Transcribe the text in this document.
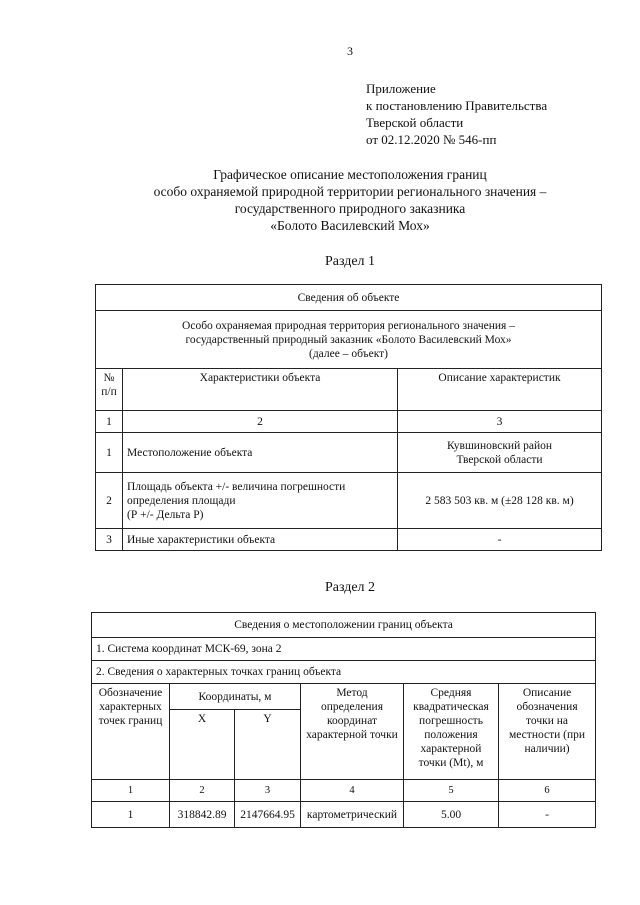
3
Приложение
к постановлению Правительства
Тверской области
от 02.12.2020 № 546-пп
Графическое описание местоположения границ
особо охраняемой природной территории регионального значения –
государственного природного заказника
«Болото Василевский Мох»
Раздел 1
Сведения об объекте		

Особо охраняемая природная территория регионального значения –
государственный природный заказник «Болото Василевский Мох»
(далее – объект)		

№
п/п	Характеристики объекта	Описание характеристик
1	2	3
1	Местоположение объекта	Кувшиновский район
Тверской области

2	Площадь объекта +/- величина погрешности
определения площади
(Р +/- Дельта Р)	2 583 503 кв. м (±28 128 кв. м)
3	Иные характеристики объекта	-
Раздел 2
Сведения о местоположении границ объекта					
1. Система координат МСК-69, зона 2					
2. Сведения о характерных точках границ объекта					
Обозначение характерных точек границ	Координаты, м		Метод определения координат характерной точки	Средняя квадратическая погрешность положения характерной точки (Mt), м	Описание обозначения точки на местности (при наличии)
	X	Y			
1	2	3	4	5	6
1	318842.89	2147664.95	картометрический	5.00	-
